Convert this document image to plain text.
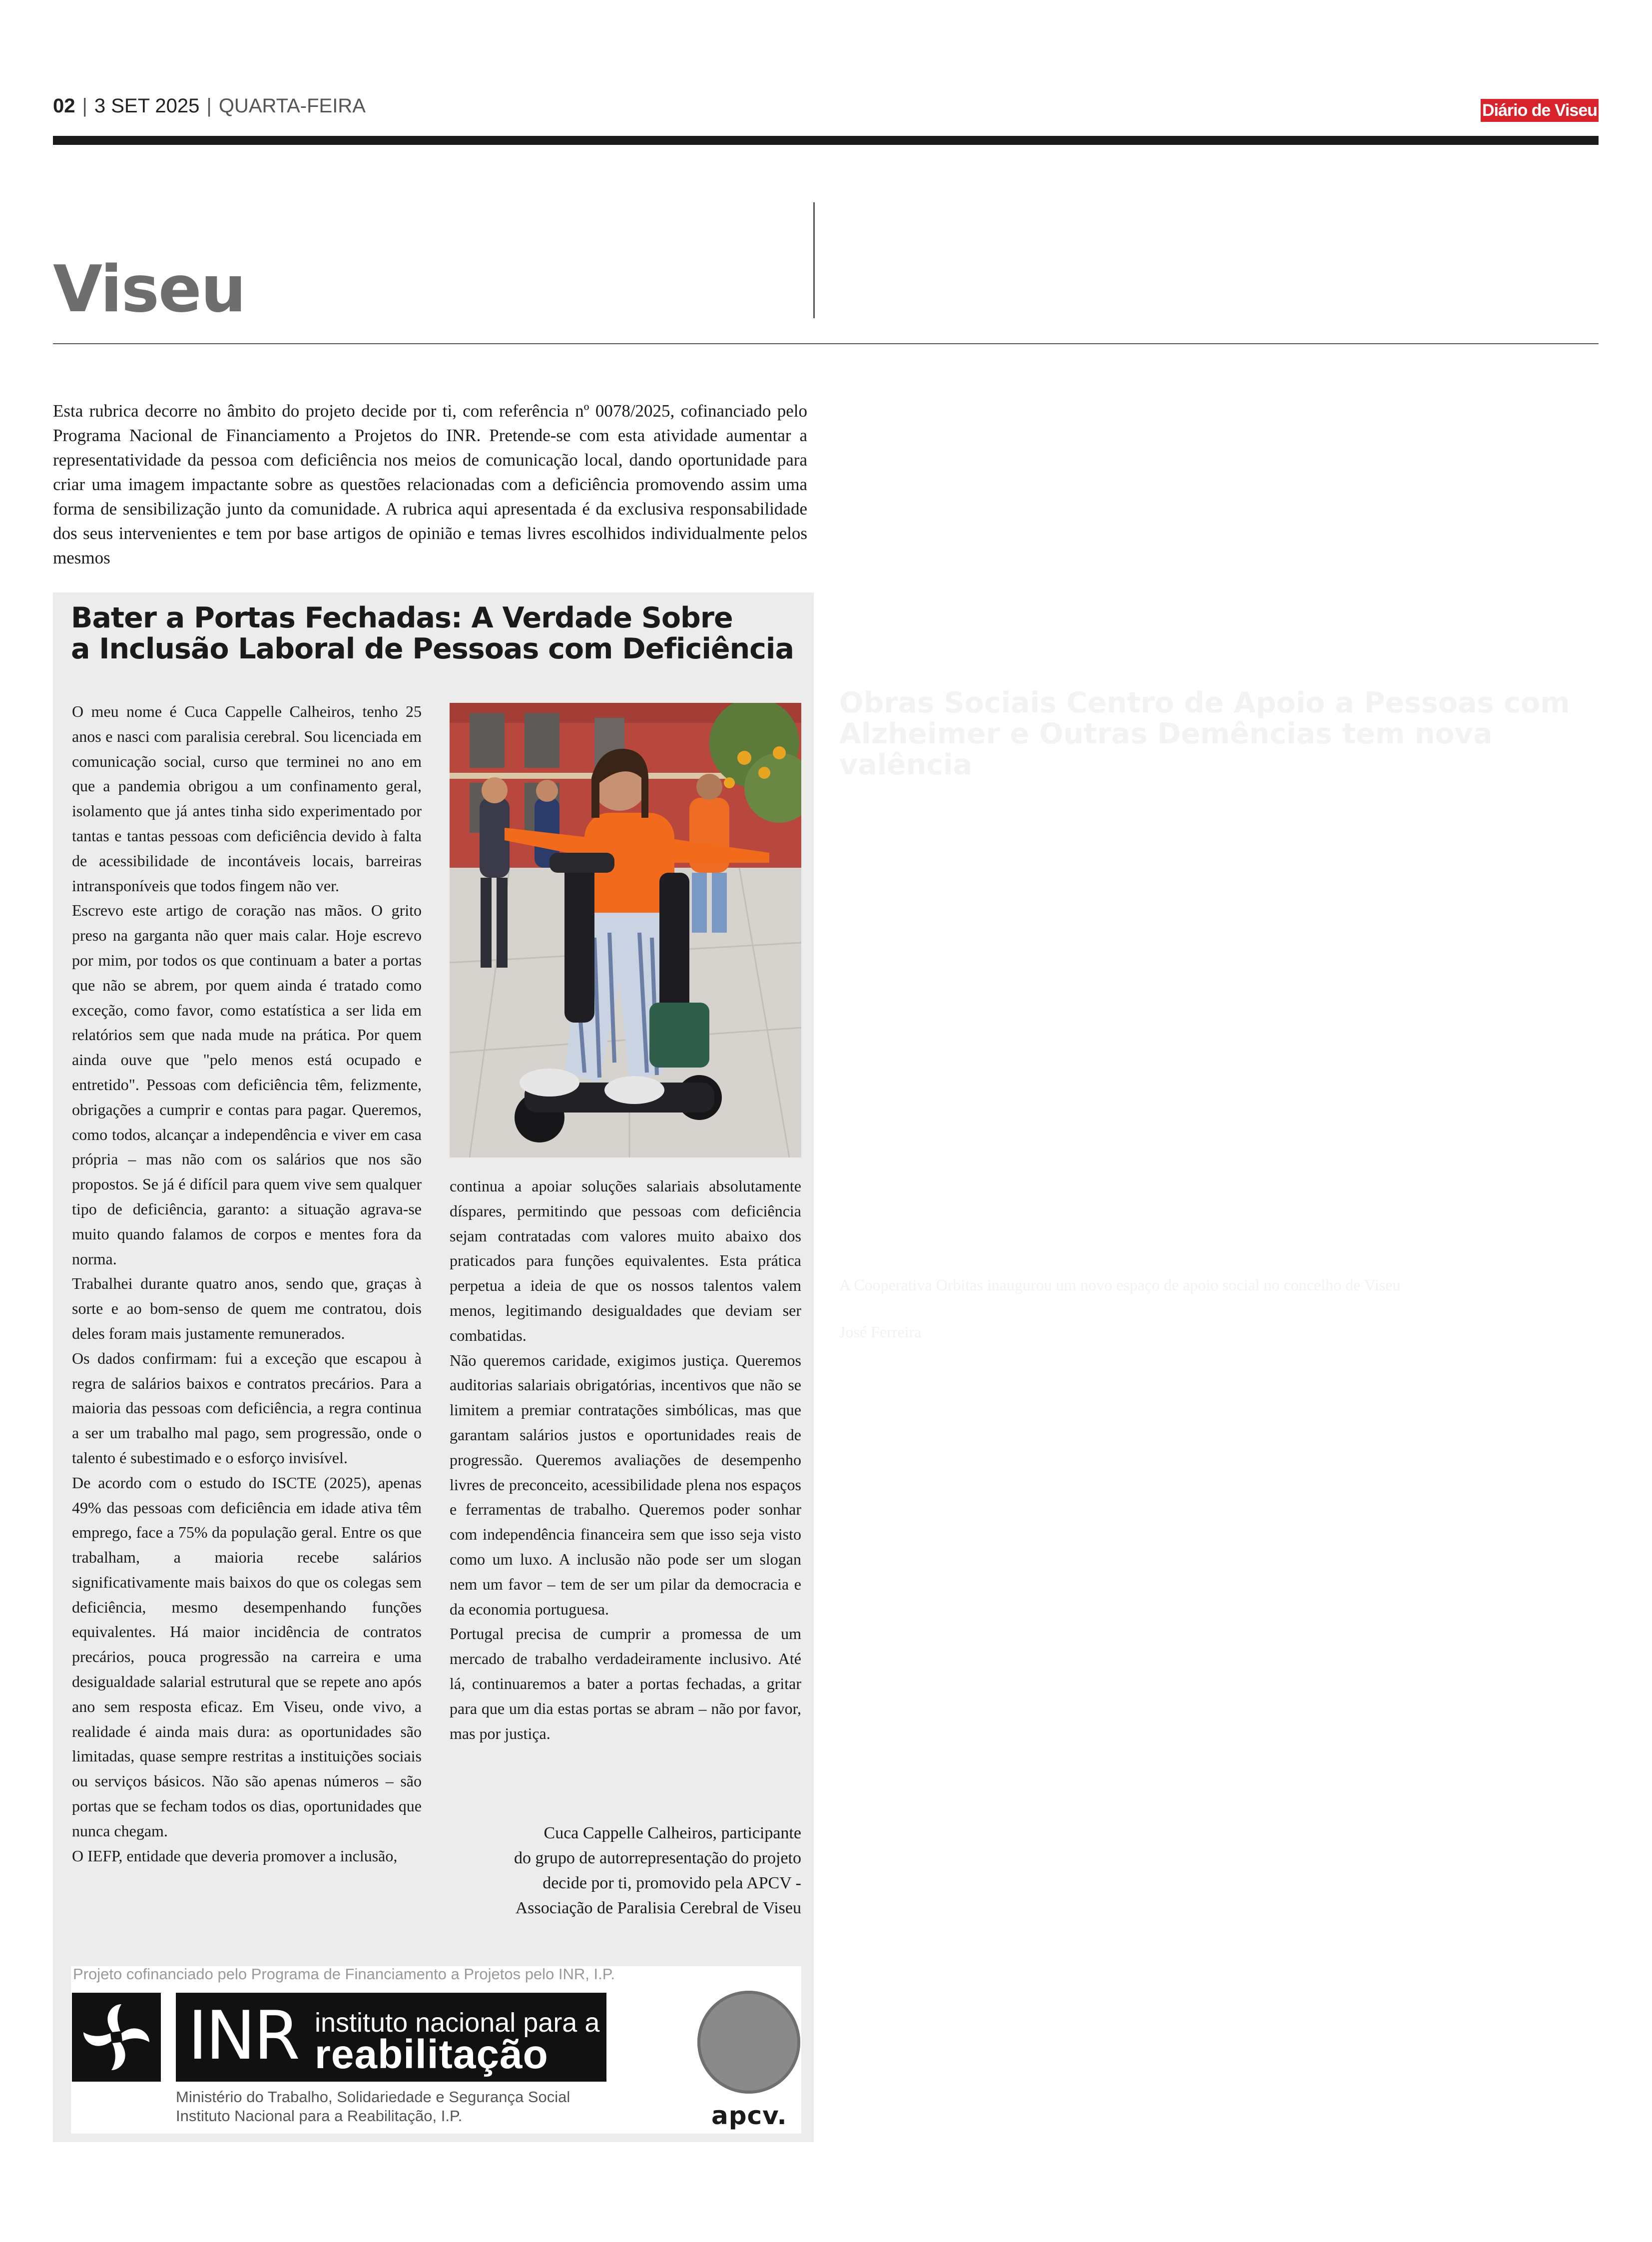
02 | 3 SET 2025 | QUARTA-FEIRA	Diário de Viseu
Viseu
Esta rubrica decorre no âmbito do projeto decide por ti, com referência nº 0078/2025, cofinanciado pelo Programa Nacional de Financiamento a Projetos do INR. Pretende-se com esta atividade aumentar a representatividade da pessoa com deficiência nos meios de comunicação local, dando oportunidade para criar uma imagem impactante sobre as questões relacionadas com a deficiência promovendo assim uma forma de sensibilização junto da comunidade. A rubrica aqui apresentada é da exclusiva responsabilidade dos seus intervenientes e tem por base artigos de opinião e temas livres escolhidos individualmente pelos mesmos
Obras Sociais Centro de Apoio a Pessoas com Alzheimer e Outras Demências tem nova valência
A Cooperativa Orbitas inaugurou um novo espaço de apoio social no concelho de Viseu
José Ferreira
Bater a Portas Fechadas: A Verdade Sobre
a Inclusão Laboral de Pessoas com Deficiência

O meu nome é Cuca Cappelle Calheiros, tenho 25 anos e nasci com paralisia cerebral. Sou licenciada em comunicação social, curso que terminei no ano em que a pandemia obrigou a um confinamento geral, isolamento que já antes tinha sido experimentado por tantas e tantas pessoas com deficiência devido à falta de acessibilidade de incontáveis locais, barreiras intransponíveis que todos fingem não ver.

Escrevo este artigo de coração nas mãos. O grito preso na garganta não quer mais calar. Hoje escrevo por mim, por todos os que continuam a bater a portas que não se abrem, por quem ainda é tratado como exceção, como favor, como estatística a ser lida em relatórios sem que nada mude na prática. Por quem ainda ouve que "pelo menos está ocupado e entretido". Pessoas com deficiência têm, felizmente, obrigações a cumprir e contas para pagar. Queremos, como todos, alcançar a independência e viver em casa própria – mas não com os salários que nos são propostos. Se já é difícil para quem vive sem qualquer tipo de deficiência, garanto: a situação agrava-se muito quando falamos de corpos e mentes fora da norma.

Trabalhei durante quatro anos, sendo que, graças à sorte e ao bom-senso de quem me contratou, dois deles foram mais justamente remunerados.

Os dados confirmam: fui a exceção que escapou à regra de salários baixos e contratos precários. Para a maioria das pessoas com deficiência, a regra continua a ser um trabalho mal pago, sem progressão, onde o talento é subestimado e o esforço invisível.

De acordo com o estudo do ISCTE (2025), apenas 49% das pessoas com deficiência em idade ativa têm emprego, face a 75% da população geral. Entre os que trabalham, a maioria recebe salários significativamente mais baixos do que os colegas sem deficiência, mesmo desempenhando funções equivalentes. Há maior incidência de contratos precários, pouca progressão na carreira e uma desigualdade salarial estrutural que se repete ano após ano sem resposta eficaz. Em Viseu, onde vivo, a realidade é ainda mais dura: as oportunidades são limitadas, quase sempre restritas a instituições sociais ou serviços básicos. Não são apenas números – são portas que se fecham todos os dias, oportunidades que nunca chegam.

O IEFP, entidade que deveria promover a inclusão,

continua a apoiar soluções salariais absolutamente díspares, permitindo que pessoas com deficiência sejam contratadas com valores muito abaixo dos praticados para funções equivalentes. Esta prática perpetua a ideia de que os nossos talentos valem menos, legitimando desigualdades que deviam ser combatidas.

Não queremos caridade, exigimos justiça. Queremos auditorias salariais obrigatórias, incentivos que não se limitem a premiar contratações simbólicas, mas que garantam salários justos e oportunidades reais de progressão. Queremos avaliações de desempenho livres de preconceito, acessibilidade plena nos espaços e ferramentas de trabalho. Queremos poder sonhar com independência financeira sem que isso seja visto como um luxo. A inclusão não pode ser um slogan nem um favor – tem de ser um pilar da democracia e da economia portuguesa.

Portugal precisa de cumprir a promessa de um mercado de trabalho verdadeiramente inclusivo. Até lá, continuaremos a bater a portas fechadas, a gritar para que um dia estas portas se abram – não por favor, mas por justiça.

Cuca Cappelle Calheiros, participante
do grupo de autorrepresentação do projeto
decide por ti, promovido pela APCV -
Associação de Paralisia Cerebral de Viseu
Projeto cofinanciado pelo Programa de Financiamento a Projetos pelo INR, I.P.
INR instituto nacional para a
reabilitação
Ministério do Trabalho, Solidariedade e Segurança Social
Instituto Nacional para a Reabilitação, I.P.	apcv.
